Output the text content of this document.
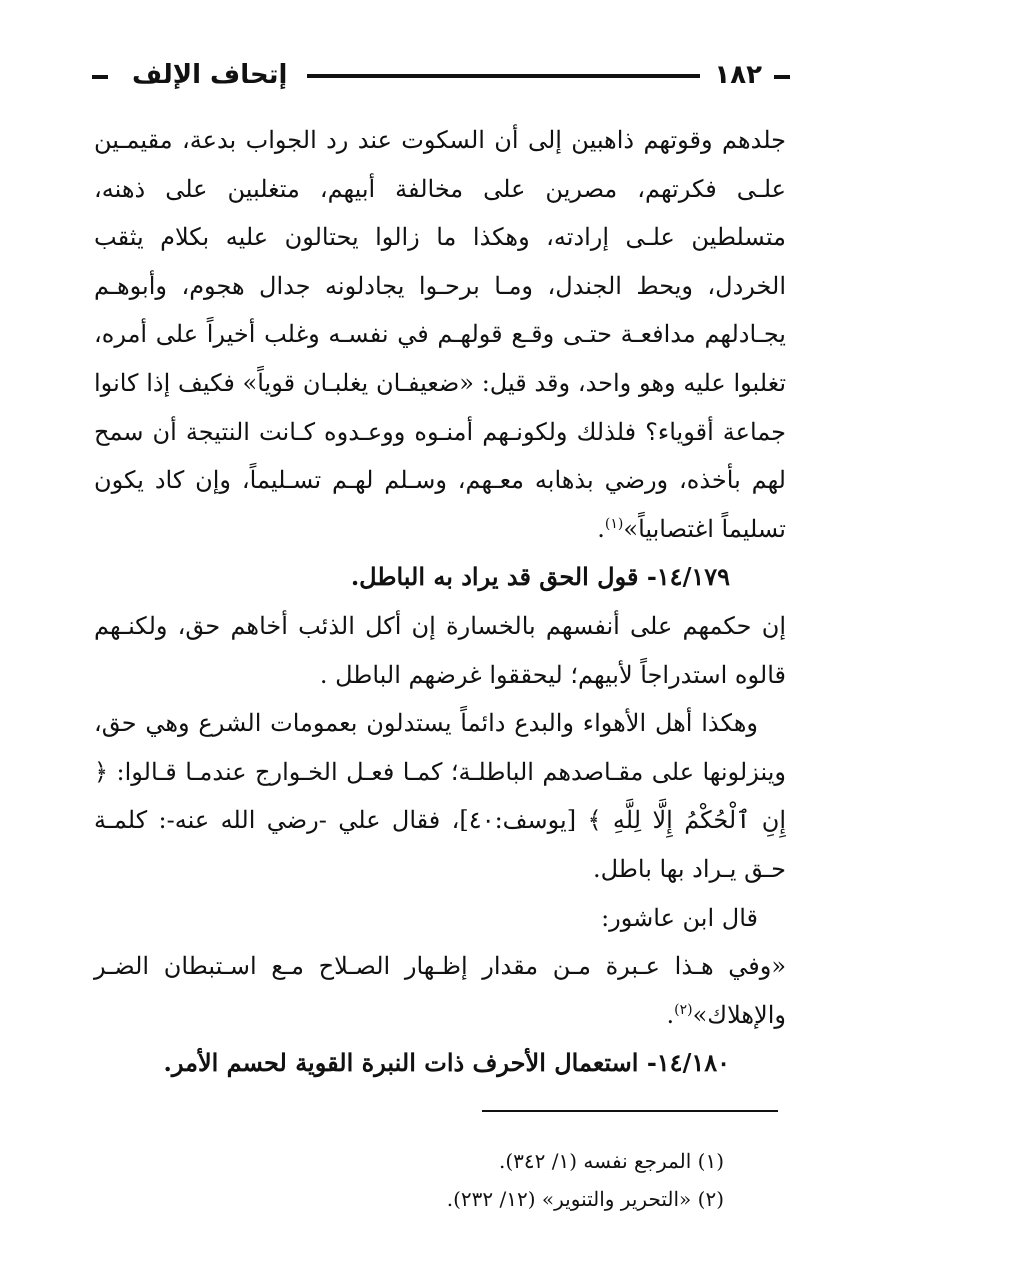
١٨٢
إتحاف الإلف

جلدهم وقوتهم ذاهبين إلى أن السكوت عند رد الجواب بدعة، مقيمـين علـى فكرتهم، مصرين على مخالفة أبيهم، متغلبين على ذهنه، متسلطين علـى إرادته، وهكذا ما زالوا يحتالون عليه بكلام يثقب الخردل، ويحط الجندل، ومـا برحـوا يجادلونه جدال هجوم، وأبوهـم يجـادلهم مدافعـة حتـى وقـع قولهـم في نفسـه وغلب أخيراً على أمره، تغلبوا عليه وهو واحد، وقد قيل: «ضعيفـان يغلبـان قوياً» فكيف إذا كانوا جماعة أقوياء؟ فلذلك ولكونـهم أمنـوه ووعـدوه كـانت النتيجة أن سمح لهم بأخذه، ورضي بذهابه معـهم، وسـلم لهـم تسـليماً، وإن كاد يكون تسليماً اغتصابياً»$^{(١)}$.

١٤/١٧٩- قول الحق قد يراد به الباطل.

إن حكمهم على أنفسهم بالخسارة إن أكل الذئب أخاهم حق، ولكنـهم قالوه استدراجاً لأبيهم؛ ليحققوا غرضهم الباطل .

وهكذا أهل الأهواء والبدع دائماً يستدلون بعمومات الشرع وهي حق، وينزلونها على مقـاصدهم الباطلـة؛ كمـا فعـل الخـوارج عندمـا قـالوا: ﴿ إِنِ ٱلْحُكْمُ إِلَّا لِلَّهِ ﴾ [يوسف:٤٠]، فقال علي -رضي الله عنه-: كلمـة حـق يـراد بها باطل.

قال ابن عاشور:

«وفي هـذا عـبرة مـن مقدار إظـهار الصـلاح مـع اسـتبطان الضـر والإهلاك»$^{(٢)}$.

١٤/١٨٠- استعمال الأحرف ذات النبرة القوية لحسم الأمر.

(١) المرجع نفسه (١/ ٣٤٢).
(٢) «التحرير والتنوير» (١٢/ ٢٣٢).
